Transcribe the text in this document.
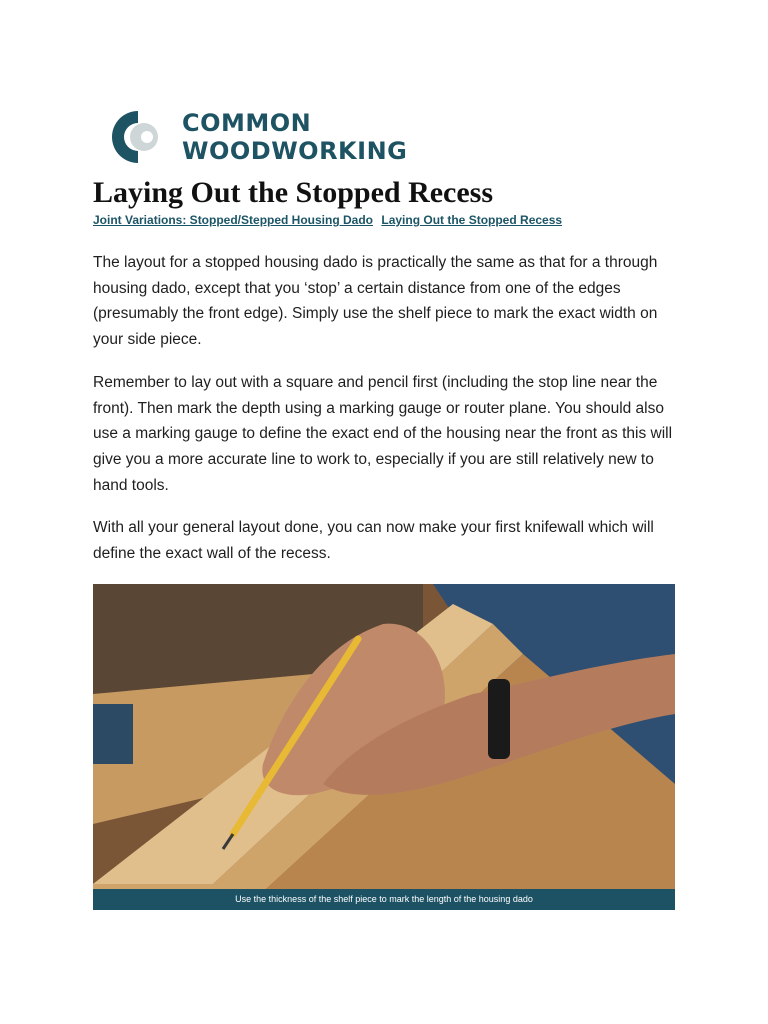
COMMON
WOODWORKING
Laying Out the Stopped Recess
Joint Variations: Stopped/Stepped Housing Dado Laying Out the Stopped Recess

The layout for a stopped housing dado is practically the same as that for a through housing dado, except that you ‘stop’ a certain distance from one of the edges (presumably the front edge). Simply use the shelf piece to mark the exact width on your side piece.

Remember to lay out with a square and pencil first (including the stop line near the front). Then mark the depth using a marking gauge or router plane. You should also use a marking gauge to define the exact end of the housing near the front as this will give you a more accurate line to work to, especially if you are still relatively new to hand tools.

With all your general layout done, you can now make your first knifewall which will define the exact wall of the recess.

Use the thickness of the shelf piece to mark the length of the housing dado
